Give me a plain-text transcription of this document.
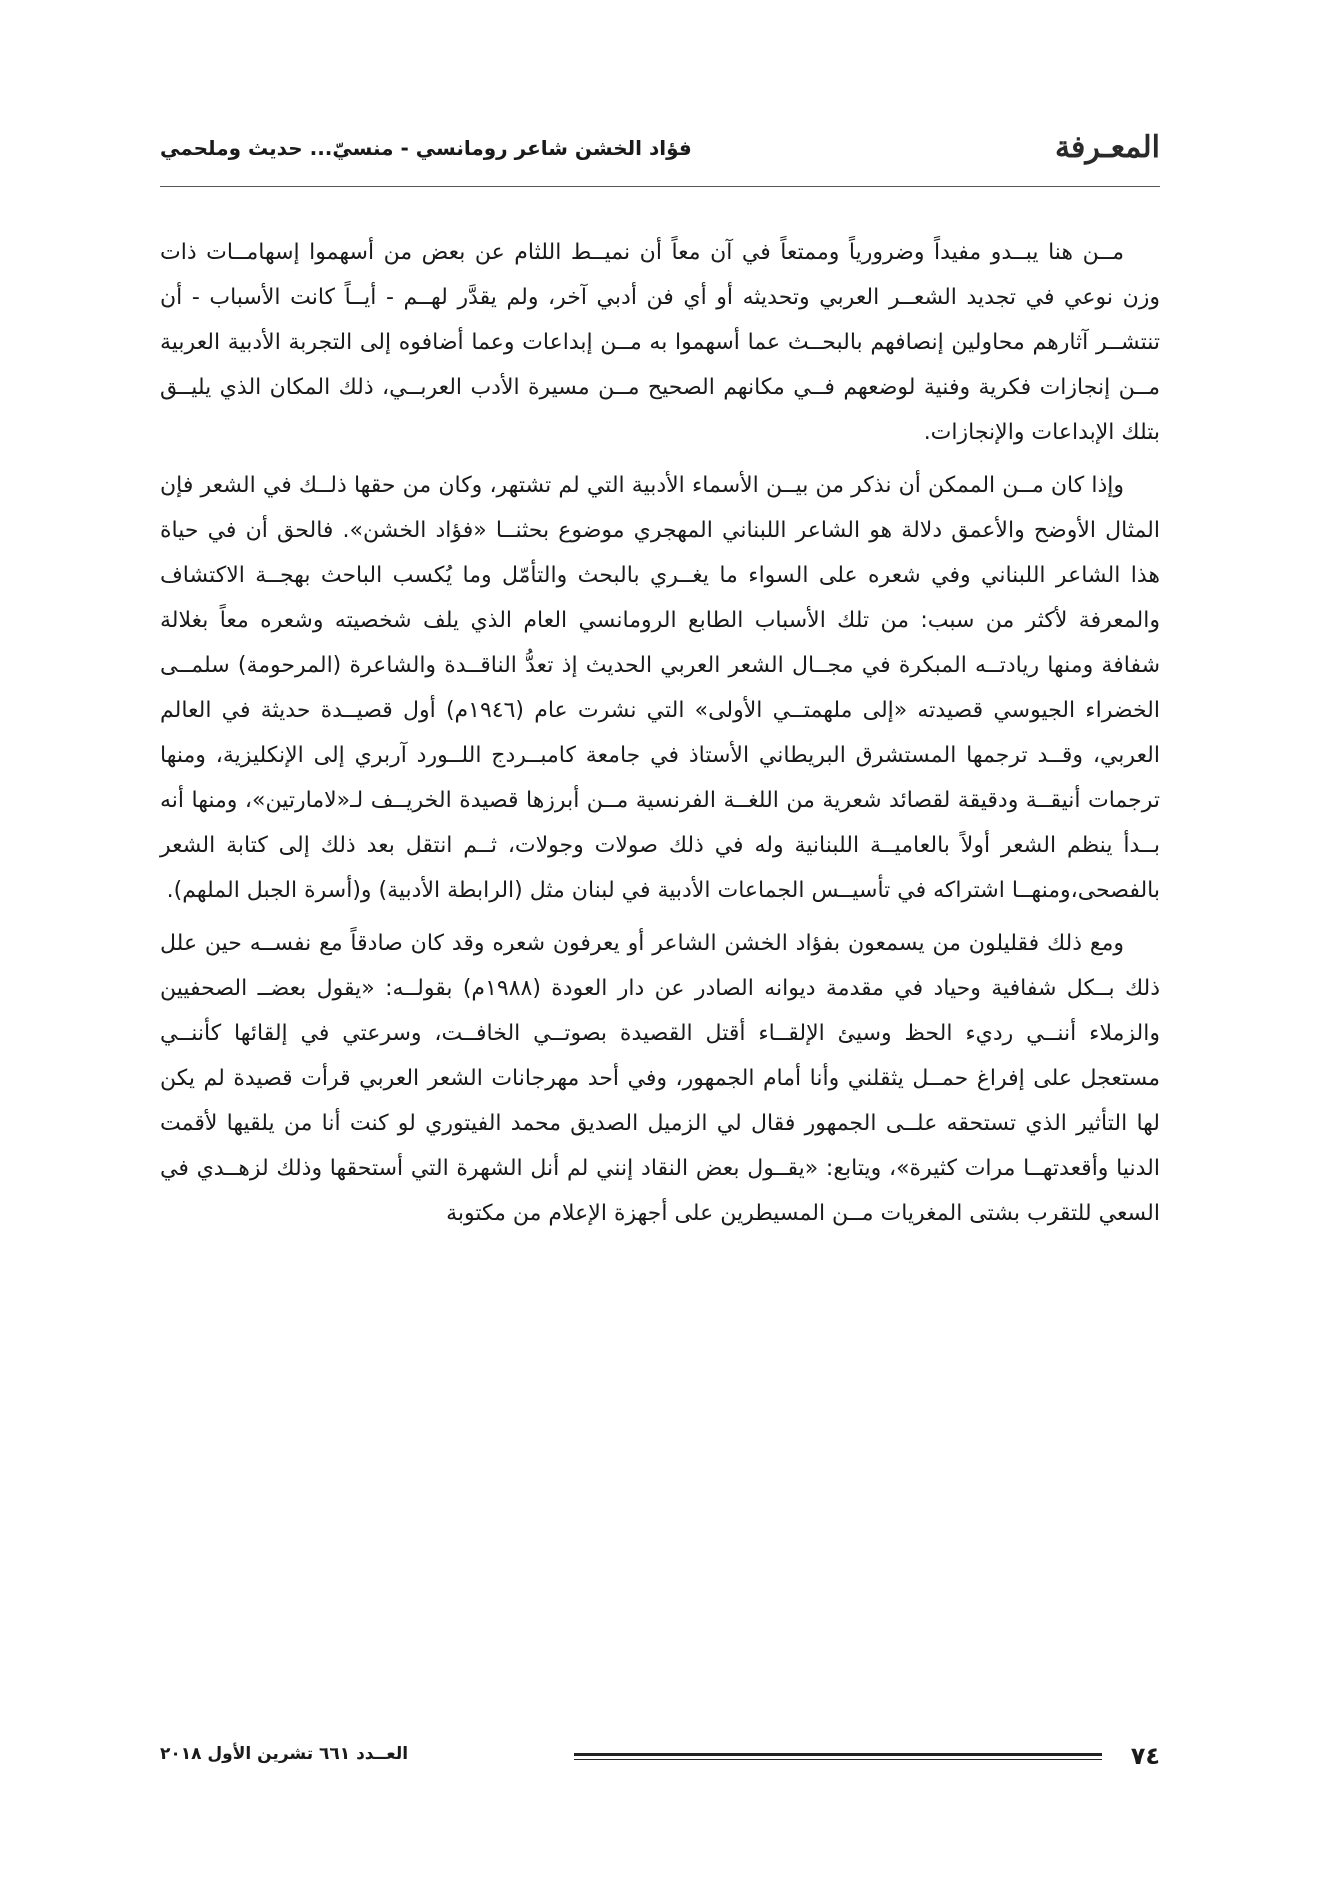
المعـرفة
فؤاد الخشن شاعر رومانسي - منسيّ... حديث وملحمي

مــن هنا يبــدو مفيداً وضرورياً وممتعاً في آن معاً أن نميــط اللثام عن بعض من أسهموا إسهامــات ذات وزن نوعي في تجديد الشعــر العربي وتحديثه أو أي فن أدبي آخر، ولم يقدَّر لهــم - أيــاً كانت الأسباب - أن تنتشــر آثارهم محاولين إنصافهم بالبحــث عما أسهموا به مــن إبداعات وعما أضافوه إلى التجربة الأدبية العربية مــن إنجازات فكرية وفنية لوضعهم فــي مكانهم الصحيح مــن مسيرة الأدب العربــي، ذلك المكان الذي يليــق بتلك الإبداعات والإنجازات.

وإذا كان مــن الممكن أن نذكر من بيــن الأسماء الأدبية التي لم تشتهر، وكان من حقها ذلــك في الشعر فإن المثال الأوضح والأعمق دلالة هو الشاعر اللبناني المهجري موضوع بحثنــا «فؤاد الخشن». فالحق أن في حياة هذا الشاعر اللبناني وفي شعره على السواء ما يغــري بالبحث والتأمّل وما يُكسب الباحث بهجــة الاكتشاف والمعرفة لأكثر من سبب: من تلك الأسباب الطابع الرومانسي العام الذي يلف شخصيته وشعره معاً بغلالة شفافة ومنها ريادتــه المبكرة في مجــال الشعر العربي الحديث إذ تعدُّ الناقــدة والشاعرة (المرحومة) سلمــى الخضراء الجيوسي قصيدته «إلى ملهمتــي الأولى» التي نشرت عام (١٩٤٦م) أول قصيــدة حديثة في العالم العربي، وقــد ترجمها المستشرق البريطاني الأستاذ في جامعة كامبــردج اللــورد آربري إلى الإنكليزية، ومنها ترجمات أنيقــة ودقيقة لقصائد شعرية من اللغــة الفرنسية مــن أبرزها قصيدة الخريــف لـ«لامارتين»، ومنها أنه بــدأ ينظم الشعر أولاً بالعاميــة اللبنانية وله في ذلك صولات وجولات، ثــم انتقل بعد ذلك إلى كتابة الشعر بالفصحى،ومنهــا اشتراكه في تأسيــس الجماعات الأدبية في لبنان مثل (الرابطة الأدبية) و(أسرة الجبل الملهم).

ومع ذلك فقليلون من يسمعون بفؤاد الخشن الشاعر أو يعرفون شعره وقد كان صادقاً مع نفســه حين علل ذلك بــكل شفافية وحياد في مقدمة ديوانه الصادر عن دار العودة (١٩٨٨م) بقولــه: «يقول بعضــ الصحفيين والزملاء أننــي رديء الحظ وسيئ الإلقــاء أقتل القصيدة بصوتــي الخافــت، وسرعتي في إلقائها كأننــي مستعجل على إفراغ حمــل يثقلني وأنا أمام الجمهور، وفي أحد مهرجانات الشعر العربي قرأت قصيدة لم يكن لها التأثير الذي تستحقه علــى الجمهور فقال لي الزميل الصديق محمد الفيتوري لو كنت أنا من يلقيها لأقمت الدنيا وأقعدتهــا مرات كثيرة»، ويتابع: «يقــول بعض النقاد إنني لم أنل الشهرة التي أستحقها وذلك لزهــدي في السعي للتقرب بشتى المغريات مــن المسيطرين على أجهزة الإعلام من مكتوبة

٧٤
العــدد ٦٦١ تشرين الأول ٢٠١٨
